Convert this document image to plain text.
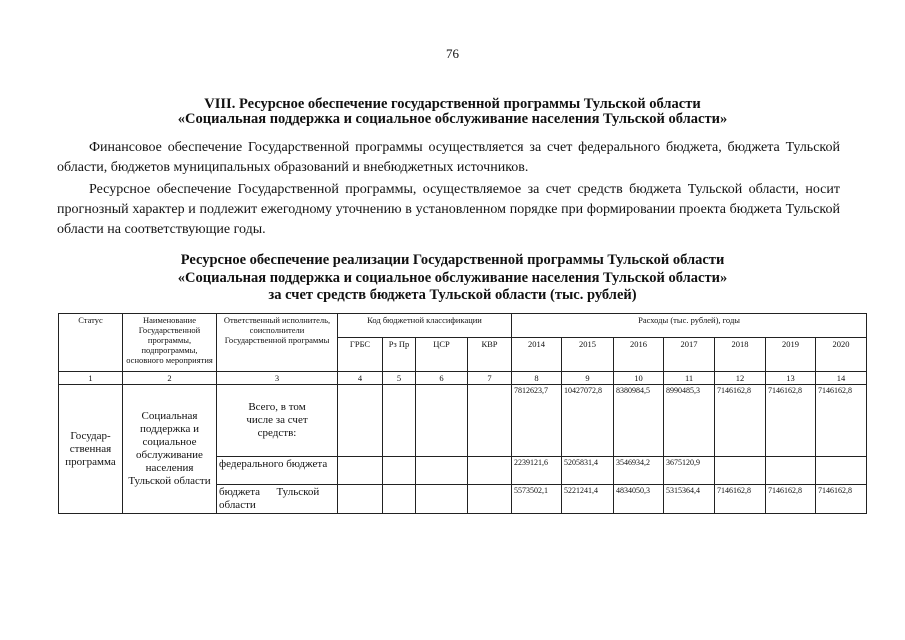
76
VIII. Ресурсное обеспечение государственной программы Тульской области
«Социальная поддержка и социальное обслуживание населения Тульской области»
Финансовое обеспечение Государственной программы осуществляется за счет федерального бюджета, бюджета Тульской области, бюджетов муниципальных образований и внебюджетных источников.
Ресурсное обеспечение Государственной программы, осуществляемое за счет средств бюджета Тульской области, носит прогнозный характер и подлежит ежегодному уточнению в установленном порядке при формировании проекта бюджета Тульской области на соответствующие годы.
Ресурсное обеспечение реализации Государственной программы Тульской области
«Социальная поддержка и социальное обслуживание населения Тульской области»
за счет средств бюджета Тульской области (тыс. рублей)
Статус	Наименование Государственной программы, подпрограммы, основного мероприятия	Ответственный исполнитель, соисполнители Государственной программы	Код бюджетной классификации				Расходы (тыс. рублей), годы						
			ГРБС	Рз Пр	ЦСР	КВР	2014	2015	2016	2017	2018	2019	2020
1	2	3	4	5	6	7	8	9	10	11	12	13	14
Государ-ственная программа	Социальная поддержка и социальное обслуживание населения Тульской области	Всего, в том числе за счет средств:					7812623,7	10427072,8	8380984,5	8990485,3	7146162,8	7146162,8	7146162,8
		федерального бюджета					2239121,6	5205831,4	3546934,2	3675120,9			
		бюджета      Тульской области					5573502,1	5221241,4	4834050,3	5315364,4	7146162,8	7146162,8	7146162,8
